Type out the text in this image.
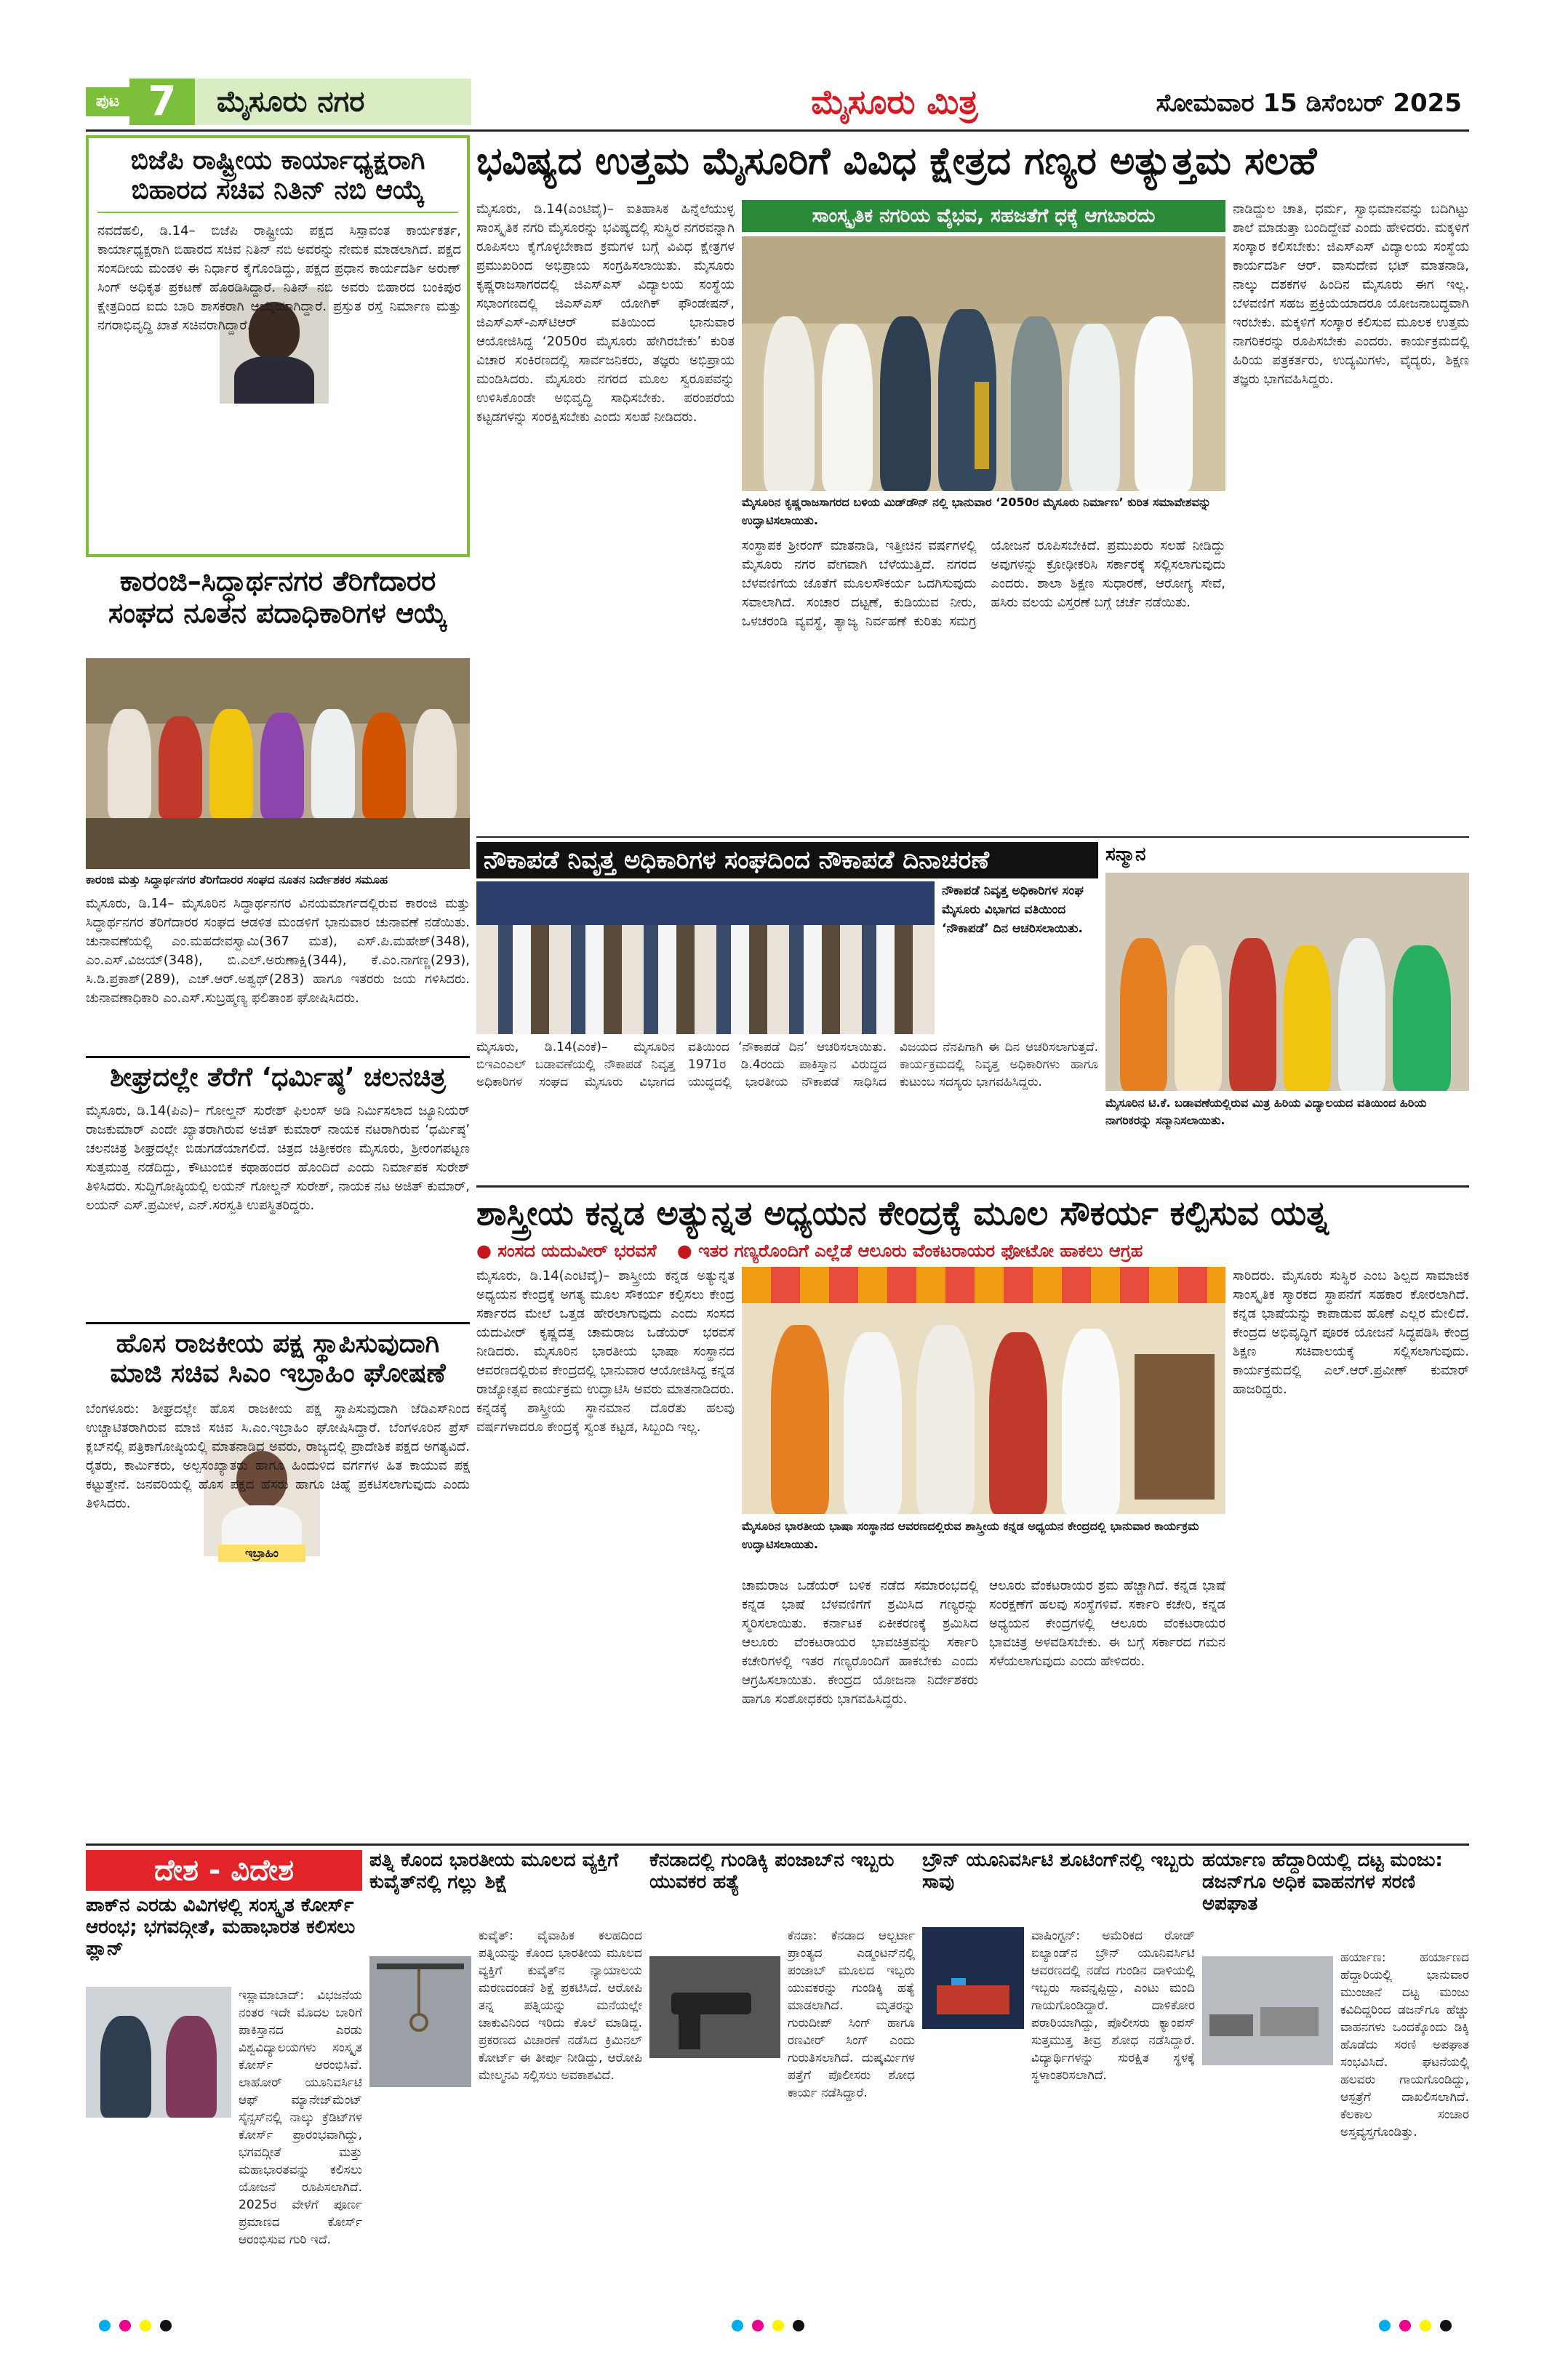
ಪುಟ 7	ಮೈಸೂರು ನಗರ	ಮೈಸೂರು ಮಿತ್ರ	ಸೋಮವಾರ 15 ಡಿಸೆಂಬರ್ 2025
ಬಿಜೆಪಿ ರಾಷ್ಟ್ರೀಯ ಕಾರ್ಯಾಧ್ಯಕ್ಷರಾಗಿ ಬಿಹಾರದ ಸಚಿವ ನಿತಿನ್ ನಬಿ ಆಯ್ಕೆ
ನವದೆಹಲಿ, ಡಿ.14– ಬಿಜೆಪಿ ರಾಷ್ಟ್ರೀಯ ಪಕ್ಷದ ಸಿಸ್ಪಾವಂತ ಕಾರ್ಯಕರ್ತ, ಕಾರ್ಯಾಧ್ಯಕ್ಷರಾಗಿ ಬಿಹಾರದ ಸಚಿವ ನಿತಿನ್ ನಬಿ ಅವರನ್ನು ನೇಮಕ ಮಾಡಲಾಗಿದೆ. ಪಕ್ಷದ ಸಂಸದೀಯ ಮಂಡಳಿ ಈ ನಿರ್ಧಾರ ಕೈಗೊಂಡಿದ್ದು, ಪಕ್ಷದ ಪ್ರಧಾನ ಕಾರ್ಯದರ್ಶಿ ಅರುಣ್ ಸಿಂಗ್ ಅಧಿಕೃತ ಪ್ರಕಟಣೆ ಹೊರಡಿಸಿದ್ದಾರೆ. ನಿತಿನ್ ನಬಿ ಅವರು ಬಿಹಾರದ ಬಂಕಿಪುರ ಕ್ಷೇತ್ರದಿಂದ ಐದು ಬಾರಿ ಶಾಸಕರಾಗಿ ಆಯ್ಕೆಯಾಗಿದ್ದಾರೆ. ಪ್ರಸ್ತುತ ರಸ್ತೆ ನಿರ್ಮಾಣ ಮತ್ತು ನಗರಾಭಿವೃದ್ಧಿ ಖಾತೆ ಸಚಿವರಾಗಿದ್ದಾರೆ.
ಕಾರಂಜಿ–ಸಿದ್ಧಾರ್ಥನಗರ ತೆರಿಗೆದಾರರ ಸಂಘದ ನೂತನ ಪದಾಧಿಕಾರಿಗಳ ಆಯ್ಕೆ
ಕಾರಂಜಿ ಮತ್ತು ಸಿದ್ಧಾರ್ಥನಗರ ತೆರಿಗೆದಾರರ ಸಂಘದ ನೂತನ ನಿರ್ದೇಶಕರ ಸಮೂಹ
ಮೈಸೂರು, ಡಿ.14– ಮೈಸೂರಿನ ಸಿದ್ಧಾರ್ಥನಗರ ವಿನಯಮಾರ್ಗದಲ್ಲಿರುವ ಕಾರಂಜಿ ಮತ್ತು ಸಿದ್ಧಾರ್ಥನಗರ ತೆರಿಗೆದಾರರ ಸಂಘದ ಆಡಳಿತ ಮಂಡಳಿಗೆ ಭಾನುವಾರ ಚುನಾವಣೆ ನಡೆಯಿತು. ಚುನಾವಣೆಯಲ್ಲಿ ಎಂ.ಮಹದೇವಸ್ವಾಮಿ(367 ಮತ), ಎಸ್.ಪಿ.ಮಹೇಶ್(348), ಎಂ.ಎಸ್.ವಿಜಯ್(348), ಬಿ.ಎಲ್.ಅರುಣಾಕ್ಷಿ(344), ಕೆ.ಎಂ.ನಾಗಣ್ಣ(293), ಸಿ.ಡಿ.ಪ್ರಕಾಶ್(289), ಎಚ್.ಆರ್.ಅಶ್ವಥ್(283) ಹಾಗೂ ಇತರರು ಜಯ ಗಳಿಸಿದರು. ಚುನಾವಣಾಧಿಕಾರಿ ಎಂ.ಎಸ್.ಸುಬ್ರಹ್ಮಣ್ಯ ಫಲಿತಾಂಶ ಘೋಷಿಸಿದರು.
ಶೀಘ್ರದಲ್ಲೇ ತೆರೆಗೆ ‘ಧರ್ಮಿಷ್ಠ’ ಚಲನಚಿತ್ರ
ಮೈಸೂರು, ಡಿ.14(ಪಿಎ)– ಗೋಲ್ಡನ್ ಸುರೇಶ್ ಫಿಲಂಸ್ ಅಡಿ ನಿರ್ಮಿಸಲಾದ ಜ್ಯೂನಿಯರ್ ರಾಜಕುಮಾರ್ ಎಂದೇ ಖ್ಯಾತರಾಗಿರುವ ಅಜಿತ್ ಕುಮಾರ್ ನಾಯಕ ನಟರಾಗಿರುವ ‘ಧರ್ಮಿಷ್ಠ’ ಚಲನಚಿತ್ರ ಶೀಘ್ರದಲ್ಲೇ ಬಿಡುಗಡೆಯಾಗಲಿದೆ. ಚಿತ್ರದ ಚಿತ್ರೀಕರಣ ಮೈಸೂರು, ಶ್ರೀರಂಗಪಟ್ಟಣ ಸುತ್ತಮುತ್ತ ನಡೆದಿದ್ದು, ಕೌಟುಂಬಿಕ ಕಥಾಹಂದರ ಹೊಂದಿದೆ ಎಂದು ನಿರ್ಮಾಪಕ ಸುರೇಶ್ ತಿಳಿಸಿದರು. ಸುದ್ದಿಗೋಷ್ಠಿಯಲ್ಲಿ ಲಯನ್ ಗೋಲ್ಡನ್ ಸುರೇಶ್, ನಾಯಕ ನಟ ಅಜಿತ್ ಕುಮಾರ್, ಲಯನ್ ಎಸ್.ಪ್ರಮೀಳ, ಎನ್.ಸರಸ್ವತಿ ಉಪಸ್ಥಿತರಿದ್ದರು.
ಹೊಸ ರಾಜಕೀಯ ಪಕ್ಷ ಸ್ಥಾಪಿಸುವುದಾಗಿ ಮಾಜಿ ಸಚಿವ ಸಿಎಂ ಇಬ್ರಾಹಿಂ ಘೋಷಣೆ
ಇಬ್ರಾಹಿಂ
ಬೆಂಗಳೂರು: ಶೀಘ್ರದಲ್ಲೇ ಹೊಸ ರಾಜಕೀಯ ಪಕ್ಷ ಸ್ಥಾಪಿಸುವುದಾಗಿ ಜೆಡಿಎಸ್‌ನಿಂದ ಉಚ್ಚಾಟಿತರಾಗಿರುವ ಮಾಜಿ ಸಚಿವ ಸಿ.ಎಂ.ಇಬ್ರಾಹಿಂ ಘೋಷಿಸಿದ್ದಾರೆ. ಬೆಂಗಳೂರಿನ ಪ್ರೆಸ್ ಕ್ಲಬ್‌ನಲ್ಲಿ ಪತ್ರಿಕಾಗೋಷ್ಠಿಯಲ್ಲಿ ಮಾತನಾಡಿದ ಅವರು, ರಾಜ್ಯದಲ್ಲಿ ಪ್ರಾದೇಶಿಕ ಪಕ್ಷದ ಅಗತ್ಯವಿದೆ. ರೈತರು, ಕಾರ್ಮಿಕರು, ಅಲ್ಪಸಂಖ್ಯಾತರು ಹಾಗೂ ಹಿಂದುಳಿದ ವರ್ಗಗಳ ಹಿತ ಕಾಯುವ ಪಕ್ಷ ಕಟ್ಟುತ್ತೇನೆ. ಜನವರಿಯಲ್ಲಿ ಹೊಸ ಪಕ್ಷದ ಹೆಸರು ಹಾಗೂ ಚಿಹ್ನೆ ಪ್ರಕಟಿಸಲಾಗುವುದು ಎಂದು ತಿಳಿಸಿದರು.
ಭವಿಷ್ಯದ ಉತ್ತಮ ಮೈಸೂರಿಗೆ ವಿವಿಧ ಕ್ಷೇತ್ರದ ಗಣ್ಯರ ಅತ್ಯುತ್ತಮ ಸಲಹೆ
ಸಾಂಸ್ಕೃತಿಕ ನಗರಿಯ ವೈಭವ, ಸಹಜತೆಗೆ ಧಕ್ಕೆ ಆಗಬಾರದು
ಮೈಸೂರಿನ ಕೃಷ್ಣರಾಜಸಾಗರದ ಬಳಿಯ ಮಿಡ್‌ಡೌನ್ ನಲ್ಲಿ ಭಾನುವಾರ ‘2050ರ ಮೈಸೂರು ನಿರ್ಮಾಣ’ ಕುರಿತ ಸಮಾವೇಶವನ್ನು ಉದ್ಘಾಟಿಸಲಾಯಿತು.
ಮೈಸೂರು, ಡಿ.14(ಎಂಟಿವೈ)– ಐತಿಹಾಸಿಕ ಹಿನ್ನೆಲೆಯುಳ್ಳ ಸಾಂಸ್ಕೃತಿಕ ನಗರಿ ಮೈಸೂರನ್ನು ಭವಿಷ್ಯದಲ್ಲಿ ಸುಸ್ಥಿರ ನಗರವನ್ನಾಗಿ ರೂಪಿಸಲು ಕೈಗೊಳ್ಳಬೇಕಾದ ಕ್ರಮಗಳ ಬಗ್ಗೆ ವಿವಿಧ ಕ್ಷೇತ್ರಗಳ ಪ್ರಮುಖರಿಂದ ಅಭಿಪ್ರಾಯ ಸಂಗ್ರಹಿಸಲಾಯಿತು. ಮೈಸೂರು ಕೃಷ್ಣರಾಜಸಾಗರದಲ್ಲಿ ಜಿಎಸ್‌ಎಸ್ ವಿದ್ಯಾಲಯ ಸಂಸ್ಥೆಯ ಸಭಾಂಗಣದಲ್ಲಿ ಜಿಎಸ್‌ಎಸ್ ಯೋಗಿಕ್ ಫೌಂಡೇಷನ್, ಜಿಎಸ್‌ಎಸ್-ಎಸ್‌ಟಿಆರ್ ವತಿಯಿಂದ ಭಾನುವಾರ ಆಯೋಜಿಸಿದ್ದ ‘2050ರ ಮೈಸೂರು ಹೇಗಿರಬೇಕು’ ಕುರಿತ ವಿಚಾರ ಸಂಕಿರಣದಲ್ಲಿ ಸಾರ್ವಜನಿಕರು, ತಜ್ಞರು ಅಭಿಪ್ರಾಯ ಮಂಡಿಸಿದರು. ಮೈಸೂರು ನಗರದ ಮೂಲ ಸ್ವರೂಪವನ್ನು ಉಳಿಸಿಕೊಂಡೇ ಅಭಿವೃದ್ಧಿ ಸಾಧಿಸಬೇಕು. ಪರಂಪರೆಯ ಕಟ್ಟಡಗಳನ್ನು ಸಂರಕ್ಷಿಸಬೇಕು ಎಂದು ಸಲಹೆ ನೀಡಿದರು.
ಸಂಸ್ಥಾಪಕ ಶ್ರೀರಂಗ್ ಮಾತನಾಡಿ, ಇತ್ತೀಚಿನ ವರ್ಷಗಳಲ್ಲಿ ಮೈಸೂರು ನಗರ ವೇಗವಾಗಿ ಬೆಳೆಯುತ್ತಿದೆ. ನಗರದ ಬೆಳವಣಿಗೆಯ ಜೊತೆಗೆ ಮೂಲಸೌಕರ್ಯ ಒದಗಿಸುವುದು ಸವಾಲಾಗಿದೆ. ಸಂಚಾರ ದಟ್ಟಣೆ, ಕುಡಿಯುವ ನೀರು, ಒಳಚರಂಡಿ ವ್ಯವಸ್ಥೆ, ತ್ಯಾಜ್ಯ ನಿರ್ವಹಣೆ ಕುರಿತು ಸಮಗ್ರ ಯೋಜನೆ ರೂಪಿಸಬೇಕಿದೆ. ಪ್ರಮುಖರು ಸಲಹೆ ನೀಡಿದ್ದು ಅವುಗಳನ್ನು ಕ್ರೋಢೀಕರಿಸಿ ಸರ್ಕಾರಕ್ಕೆ ಸಲ್ಲಿಸಲಾಗುವುದು ಎಂದರು. ಶಾಲಾ ಶಿಕ್ಷಣ ಸುಧಾರಣೆ, ಆರೋಗ್ಯ ಸೇವೆ, ಹಸಿರು ವಲಯ ವಿಸ್ತರಣೆ ಬಗ್ಗೆ ಚರ್ಚೆ ನಡೆಯಿತು.
ನಾಡಿದ್ದುಲ ಚಾತಿ, ಧರ್ಮ, ಸ್ವಾಭಿಮಾನವನ್ನು ಬದಿಗಿಟ್ಟು ಶಾಲೆ ಮಾಡುತ್ತಾ ಬಂದಿದ್ದೇವೆ ಎಂದು ಹೇಳಿದರು. ಮಕ್ಕಳಿಗೆ ಸಂಸ್ಕಾರ ಕಲಿಸಬೇಕು: ಜಿಎಸ್‌ಎಸ್ ವಿದ್ಯಾಲಯ ಸಂಸ್ಥೆಯ ಕಾರ್ಯದರ್ಶಿ ಆರ್. ವಾಸುದೇವ ಭಟ್ ಮಾತನಾಡಿ, ನಾಲ್ಕು ದಶಕಗಳ ಹಿಂದಿನ ಮೈಸೂರು ಈಗ ಇಲ್ಲ. ಬೆಳವಣಿಗೆ ಸಹಜ ಪ್ರಕ್ರಿಯೆಯಾದರೂ ಯೋಜನಾಬದ್ಧವಾಗಿ ಇರಬೇಕು. ಮಕ್ಕಳಿಗೆ ಸಂಸ್ಕಾರ ಕಲಿಸುವ ಮೂಲಕ ಉತ್ತಮ ನಾಗರಿಕರನ್ನು ರೂಪಿಸಬೇಕು ಎಂದರು. ಕಾರ್ಯಕ್ರಮದಲ್ಲಿ ಹಿರಿಯ ಪತ್ರಕರ್ತರು, ಉದ್ಯಮಿಗಳು, ವೈದ್ಯರು, ಶಿಕ್ಷಣ ತಜ್ಞರು ಭಾಗವಹಿಸಿದ್ದರು.
ನೌಕಾಪಡೆ ನಿವೃತ್ತ ಅಧಿಕಾರಿಗಳ ಸಂಘದಿಂದ ನೌಕಾಪಡೆ ದಿನಾಚರಣೆ
ನೌಕಾಪಡೆ ನಿವೃತ್ತ ಅಧಿಕಾರಿಗಳ ಸಂಘ ಮೈಸೂರು ವಿಭಾಗದ ವತಿಯಿಂದ ‘ನೌಕಾಪಡೆ’ ದಿನ ಆಚರಿಸಲಾಯಿತು.
ಮೈಸೂರು, ಡಿ.14(ಎಂಕೆ)– ಮೈಸೂರಿನ ಬಿಇಎಂಎಲ್ ಬಡಾವಣೆಯಲ್ಲಿ ನೌಕಾಪಡೆ ನಿವೃತ್ತ ಅಧಿಕಾರಿಗಳ ಸಂಘದ ಮೈಸೂರು ವಿಭಾಗದ ವತಿಯಿಂದ ‘ನೌಕಾಪಡೆ ದಿನ’ ಆಚರಿಸಲಾಯಿತು. 1971ರ ಡಿ.4ರಂದು ಪಾಕಿಸ್ತಾನ ವಿರುದ್ಧದ ಯುದ್ಧದಲ್ಲಿ ಭಾರತೀಯ ನೌಕಾಪಡೆ ಸಾಧಿಸಿದ ವಿಜಯದ ನೆನಪಿಗಾಗಿ ಈ ದಿನ ಆಚರಿಸಲಾಗುತ್ತದೆ. ಕಾರ್ಯಕ್ರಮದಲ್ಲಿ ನಿವೃತ್ತ ಅಧಿಕಾರಿಗಳು ಹಾಗೂ ಕುಟುಂಬ ಸದಸ್ಯರು ಭಾಗವಹಿಸಿದ್ದರು.
ಸನ್ಮಾನ
ಮೈಸೂರಿನ ಟಿ.ಕೆ. ಬಡಾವಣೆಯಲ್ಲಿರುವ ಮಿತ್ರ ಹಿರಿಯ ವಿದ್ಯಾಲಯದ ವತಿಯಿಂದ ಹಿರಿಯ ನಾಗರಿಕರನ್ನು ಸನ್ಮಾನಿಸಲಾಯಿತು.
ಶಾಸ್ತ್ರೀಯ ಕನ್ನಡ ಅತ್ಯುನ್ನತ ಅಧ್ಯಯನ ಕೇಂದ್ರಕ್ಕೆ ಮೂಲ ಸೌಕರ್ಯ ಕಲ್ಪಿಸುವ ಯತ್ನ
● ಸಂಸದ ಯದುವೀರ್ ಭರವಸೆ ● ಇತರ ಗಣ್ಯರೊಂದಿಗೆ ಎಲ್ಲೆಡೆ ಆಲೂರು ವೆಂಕಟರಾಯರ ಫೋಟೋ ಹಾಕಲು ಆಗ್ರಹ
ಮೈಸೂರು, ಡಿ.14(ಎಂಟಿವೈ)– ಶಾಸ್ತ್ರೀಯ ಕನ್ನಡ ಅತ್ಯುನ್ನತ ಅಧ್ಯಯನ ಕೇಂದ್ರಕ್ಕೆ ಅಗತ್ಯ ಮೂಲ ಸೌಕರ್ಯ ಕಲ್ಪಿಸಲು ಕೇಂದ್ರ ಸರ್ಕಾರದ ಮೇಲೆ ಒತ್ತಡ ಹೇರಲಾಗುವುದು ಎಂದು ಸಂಸದ ಯದುವೀರ್ ಕೃಷ್ಣದತ್ತ ಚಾಮರಾಜ ಒಡೆಯರ್ ಭರವಸೆ ನೀಡಿದರು. ಮೈಸೂರಿನ ಭಾರತೀಯ ಭಾಷಾ ಸಂಸ್ಥಾನದ ಆವರಣದಲ್ಲಿರುವ ಕೇಂದ್ರದಲ್ಲಿ ಭಾನುವಾರ ಆಯೋಜಿಸಿದ್ದ ಕನ್ನಡ ರಾಜ್ಯೋತ್ಸವ ಕಾರ್ಯಕ್ರಮ ಉದ್ಘಾಟಿಸಿ ಅವರು ಮಾತನಾಡಿದರು. ಕನ್ನಡಕ್ಕೆ ಶಾಸ್ತ್ರೀಯ ಸ್ಥಾನಮಾನ ದೊರೆತು ಹಲವು ವರ್ಷಗಳಾದರೂ ಕೇಂದ್ರಕ್ಕೆ ಸ್ವಂತ ಕಟ್ಟಡ, ಸಿಬ್ಬಂದಿ ಇಲ್ಲ.
ಮೈಸೂರಿನ ಭಾರತೀಯ ಭಾಷಾ ಸಂಸ್ಥಾನದ ಆವರಣದಲ್ಲಿರುವ ಶಾಸ್ತ್ರೀಯ ಕನ್ನಡ ಅಧ್ಯಯನ ಕೇಂದ್ರದಲ್ಲಿ ಭಾನುವಾರ ಕಾರ್ಯಕ್ರಮ ಉದ್ಘಾಟಿಸಲಾಯಿತು.
ಚಾಮರಾಜ ಒಡೆಯರ್ ಬಳಿಕ ನಡೆದ ಸಮಾರಂಭದಲ್ಲಿ ಕನ್ನಡ ಭಾಷೆ ಬೆಳವಣಿಗೆಗೆ ಶ್ರಮಿಸಿದ ಗಣ್ಯರನ್ನು ಸ್ಮರಿಸಲಾಯಿತು. ಕರ್ನಾಟಕ ಏಕೀಕರಣಕ್ಕೆ ಶ್ರಮಿಸಿದ ಆಲೂರು ವೆಂಕಟರಾಯರ ಭಾವಚಿತ್ರವನ್ನು ಸರ್ಕಾರಿ ಕಚೇರಿಗಳಲ್ಲಿ ಇತರ ಗಣ್ಯರೊಂದಿಗೆ ಹಾಕಬೇಕು ಎಂದು ಆಗ್ರಹಿಸಲಾಯಿತು. ಕೇಂದ್ರದ ಯೋಜನಾ ನಿರ್ದೇಶಕರು ಹಾಗೂ ಸಂಶೋಧಕರು ಭಾಗವಹಿಸಿದ್ದರು.
ಆಲೂರು ವೆಂಕಟರಾಯರ ಶ್ರಮ ಹೆಚ್ಚಾಗಿದೆ. ಕನ್ನಡ ಭಾಷೆ ಸಂರಕ್ಷಣೆಗೆ ಹಲವು ಸಂಸ್ಥೆಗಳಿವೆ. ಸರ್ಕಾರಿ ಕಚೇರಿ, ಕನ್ನಡ ಅಧ್ಯಯನ ಕೇಂದ್ರಗಳಲ್ಲಿ ಆಲೂರು ವೆಂಕಟರಾಯರ ಭಾವಚಿತ್ರ ಅಳವಡಿಸಬೇಕು. ಈ ಬಗ್ಗೆ ಸರ್ಕಾರದ ಗಮನ ಸೆಳೆಯಲಾಗುವುದು ಎಂದು ಹೇಳಿದರು.
ಸಾರಿದರು. ಮೈಸೂರು ಸುಸ್ಥಿರ ಎಂಬ ಶಿಲ್ಪದ ಸಾಮಾಜಿಕ ಸಾಂಸ್ಕೃತಿಕ ಸ್ಮಾರಕದ ಸ್ಥಾಪನೆಗೆ ಸಹಕಾರ ಕೋರಲಾಗಿದೆ. ಕನ್ನಡ ಭಾಷೆಯನ್ನು ಕಾಪಾಡುವ ಹೊಣೆ ಎಲ್ಲರ ಮೇಲಿದೆ. ಕೇಂದ್ರದ ಅಭಿವೃದ್ಧಿಗೆ ಪೂರಕ ಯೋಜನೆ ಸಿದ್ಧಪಡಿಸಿ ಕೇಂದ್ರ ಶಿಕ್ಷಣ ಸಚಿವಾಲಯಕ್ಕೆ ಸಲ್ಲಿಸಲಾಗುವುದು. ಕಾರ್ಯಕ್ರಮದಲ್ಲಿ ಎಲ್.ಆರ್.ಪ್ರವೀಣ್ ಕುಮಾರ್ ಹಾಜರಿದ್ದರು.
ದೇಶ - ವಿದೇಶ
ಪಾಕ್‌ನ ಎರಡು ವಿವಿಗಳಲ್ಲಿ ಸಂಸ್ಕೃತ ಕೋರ್ಸ್ ಆರಂಭ; ಭಗವದ್ಗೀತೆ, ಮಹಾಭಾರತ ಕಲಿಸಲು ಪ್ಲಾನ್
ಇಸ್ಲಾಮಾಬಾದ್: ವಿಭಜನೆಯ ನಂತರ ಇದೇ ಮೊದಲ ಬಾರಿಗೆ ಪಾಕಿಸ್ತಾನದ ಎರಡು ವಿಶ್ವವಿದ್ಯಾಲಯಗಳು ಸಂಸ್ಕೃತ ಕೋರ್ಸ್ ಆರಂಭಿಸಿವೆ. ಲಾಹೋರ್ ಯೂನಿವರ್ಸಿಟಿ ಆಫ್ ಮ್ಯಾನೇಜ್‌ಮೆಂಟ್ ಸೈನ್ಸಸ್‌ನಲ್ಲಿ ನಾಲ್ಕು ಕ್ರೆಡಿಟ್‌ಗಳ ಕೋರ್ಸ್ ಪ್ರಾರಂಭವಾಗಿದ್ದು, ಭಗವದ್ಗೀತೆ ಮತ್ತು ಮಹಾಭಾರತವನ್ನು ಕಲಿಸಲು ಯೋಜನೆ ರೂಪಿಸಲಾಗಿದೆ. 2025ರ ವೇಳೆಗೆ ಪೂರ್ಣ ಪ್ರಮಾಣದ ಕೋರ್ಸ್ ಆರಂಭಿಸುವ ಗುರಿ ಇದೆ.
ಪತ್ನಿ ಕೊಂದ ಭಾರತೀಯ ಮೂಲದ ವ್ಯಕ್ತಿಗೆ ಕುವೈತ್‌ನಲ್ಲಿ ಗಲ್ಲು ಶಿಕ್ಷೆ
ಕುವೈತ್: ವೈವಾಹಿಕ ಕಲಹದಿಂದ ಪತ್ನಿಯನ್ನು ಕೊಂದ ಭಾರತೀಯ ಮೂಲದ ವ್ಯಕ್ತಿಗೆ ಕುವೈತ್‌ನ ನ್ಯಾಯಾಲಯ ಮರಣದಂಡನೆ ಶಿಕ್ಷೆ ಪ್ರಕಟಿಸಿದೆ. ಆರೋಪಿ ತನ್ನ ಪತ್ನಿಯನ್ನು ಮನೆಯಲ್ಲೇ ಚಾಕುವಿನಿಂದ ಇರಿದು ಕೊಲೆ ಮಾಡಿದ್ದ. ಪ್ರಕರಣದ ವಿಚಾರಣೆ ನಡೆಸಿದ ಕ್ರಿಮಿನಲ್ ಕೋರ್ಟ್ ಈ ತೀರ್ಪು ನೀಡಿದ್ದು, ಆರೋಪಿ ಮೇಲ್ಮನವಿ ಸಲ್ಲಿಸಲು ಅವಕಾಶವಿದೆ.
ಕೆನಡಾದಲ್ಲಿ ಗುಂಡಿಕ್ಕಿ ಪಂಜಾಬ್‌ನ ಇಬ್ಬರು ಯುವಕರ ಹತ್ಯೆ
ಕೆನಡಾ: ಕೆನಡಾದ ಆಲ್ಬರ್ಟಾ ಪ್ರಾಂತ್ಯದ ಎಡ್ಮಂಟನ್‌ನಲ್ಲಿ ಪಂಜಾಬ್ ಮೂಲದ ಇಬ್ಬರು ಯುವಕರನ್ನು ಗುಂಡಿಕ್ಕಿ ಹತ್ಯೆ ಮಾಡಲಾಗಿದೆ. ಮೃತರನ್ನು ಗುರುದೀಪ್ ಸಿಂಗ್ ಹಾಗೂ ರಣವೀರ್ ಸಿಂಗ್ ಎಂದು ಗುರುತಿಸಲಾಗಿದೆ. ದುಷ್ಕರ್ಮಿಗಳ ಪತ್ತೆಗೆ ಪೊಲೀಸರು ಶೋಧ ಕಾರ್ಯ ನಡೆಸಿದ್ದಾರೆ.
ಬ್ರೌನ್ ಯೂನಿವರ್ಸಿಟಿ ಶೂಟಿಂಗ್‌ನಲ್ಲಿ ಇಬ್ಬರು ಸಾವು
ವಾಷಿಂಗ್ಟನ್: ಅಮೆರಿಕದ ರೋಡ್ ಐಲ್ಯಾಂಡ್‌ನ ಬ್ರೌನ್ ಯೂನಿವರ್ಸಿಟಿ ಆವರಣದಲ್ಲಿ ನಡೆದ ಗುಂಡಿನ ದಾಳಿಯಲ್ಲಿ ಇಬ್ಬರು ಸಾವನ್ನಪ್ಪಿದ್ದು, ಎಂಟು ಮಂದಿ ಗಾಯಗೊಂಡಿದ್ದಾರೆ. ದಾಳಿಕೋರ ಪರಾರಿಯಾಗಿದ್ದು, ಪೊಲೀಸರು ಕ್ಯಾಂಪಸ್ ಸುತ್ತಮುತ್ತ ತೀವ್ರ ಶೋಧ ನಡೆಸಿದ್ದಾರೆ. ವಿದ್ಯಾರ್ಥಿಗಳನ್ನು ಸುರಕ್ಷಿತ ಸ್ಥಳಕ್ಕೆ ಸ್ಥಳಾಂತರಿಸಲಾಗಿದೆ.
ಹರ್ಯಾಣ ಹೆದ್ದಾರಿಯಲ್ಲಿ ದಟ್ಟ ಮಂಜು: ಡಜನ್‌ಗೂ ಅಧಿಕ ವಾಹನಗಳ ಸರಣಿ ಅಪಘಾತ
ಹರ್ಯಾಣ: ಹರ್ಯಾಣದ ಹೆದ್ದಾರಿಯಲ್ಲಿ ಭಾನುವಾರ ಮುಂಜಾನೆ ದಟ್ಟ ಮಂಜು ಕವಿದಿದ್ದರಿಂದ ಡಜನ್‌ಗೂ ಹೆಚ್ಚು ವಾಹನಗಳು ಒಂದಕ್ಕೊಂದು ಡಿಕ್ಕಿ ಹೊಡೆದು ಸರಣಿ ಅಪಘಾತ ಸಂಭವಿಸಿದೆ. ಘಟನೆಯಲ್ಲಿ ಹಲವರು ಗಾಯಗೊಂಡಿದ್ದು, ಆಸ್ಪತ್ರೆಗೆ ದಾಖಲಿಸಲಾಗಿದೆ. ಕೆಲಕಾಲ ಸಂಚಾರ ಅಸ್ತವ್ಯಸ್ತಗೊಂಡಿತ್ತು.
